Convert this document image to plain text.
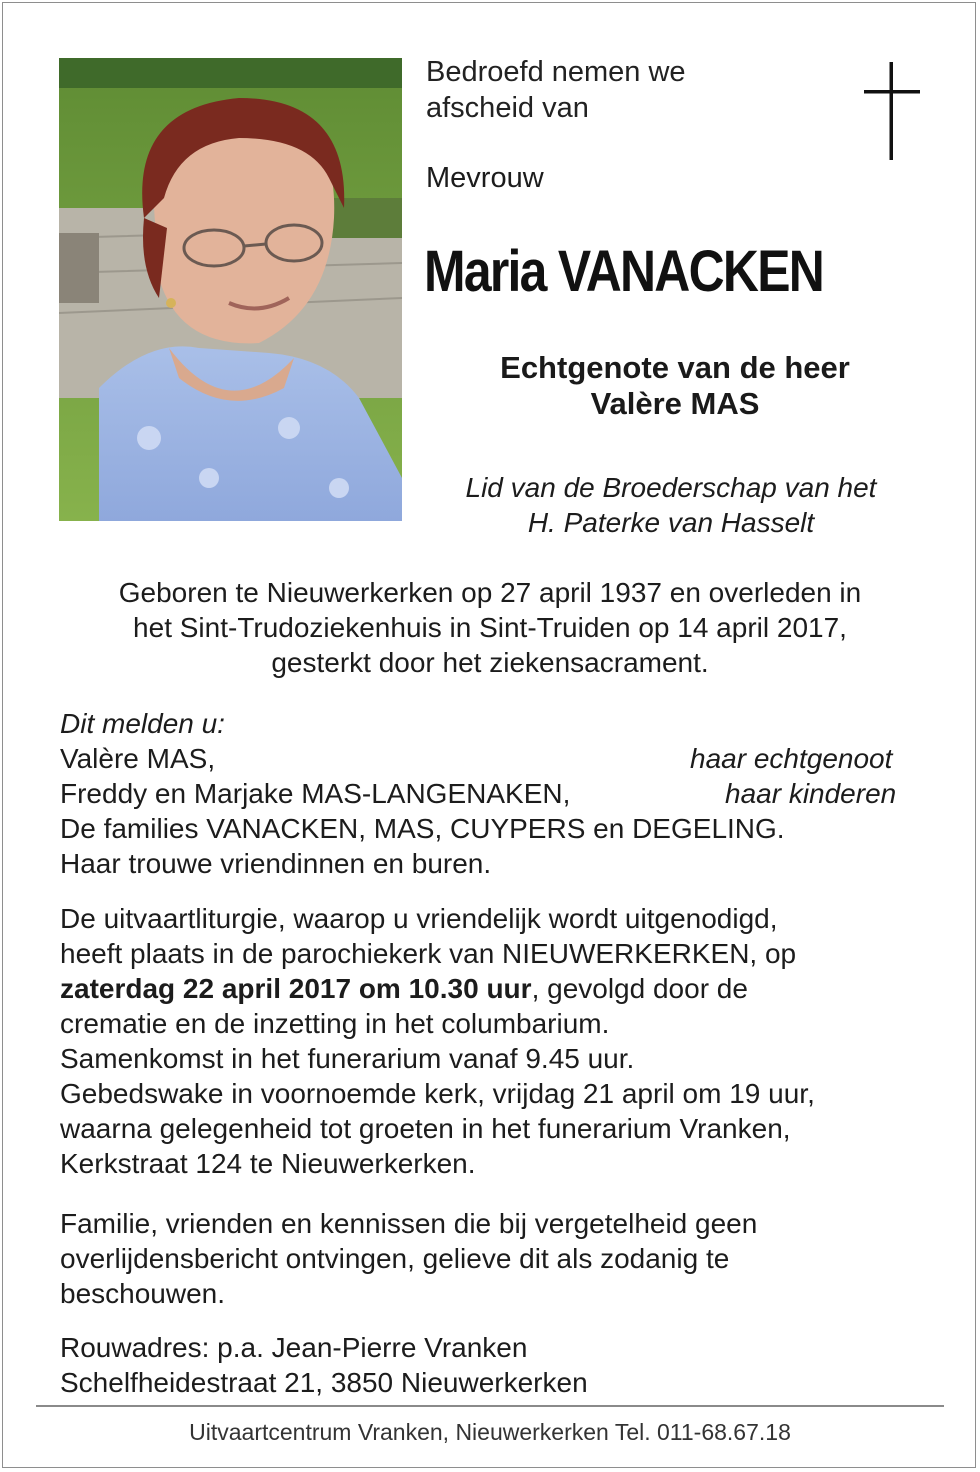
Bedroefd nemen we
afscheid van
Mevrouw
Maria VANACKEN
Echtgenote van de heer
Valère MAS
Lid van de Broederschap van het
H. Paterke van Hasselt
Geboren te Nieuwerkerken op 27 april 1937 en overleden in
het Sint-Trudoziekenhuis in Sint-Truiden op 14 april 2017,
gesterkt door het ziekensacrament.
Dit melden u:
Valère MAS,	haar echtgenoot
Freddy en Marjake MAS-LANGENAKEN,	haar kinderen
De families VANACKEN, MAS, CUYPERS en DEGELING.
Haar trouwe vriendinnen en buren.
De uitvaartliturgie, waarop u vriendelijk wordt uitgenodigd,
heeft plaats in de parochiekerk van NIEUWERKERKEN, op
zaterdag 22 april 2017 om 10.30 uur, gevolgd door de
crematie en de inzetting in het columbarium.
Samenkomst in het funerarium vanaf 9.45 uur.
Gebedswake in voornoemde kerk, vrijdag 21 april om 19 uur,
waarna gelegenheid tot groeten in het funerarium Vranken,
Kerkstraat 124 te Nieuwerkerken.
Familie, vrienden en kennissen die bij vergetelheid geen
overlijdensbericht ontvingen, gelieve dit als zodanig te
beschouwen.
Rouwadres: p.a. Jean-Pierre Vranken
Schelfheidestraat 21, 3850 Nieuwerkerken
Uitvaartcentrum Vranken, Nieuwerkerken Tel. 011-68.67.18
